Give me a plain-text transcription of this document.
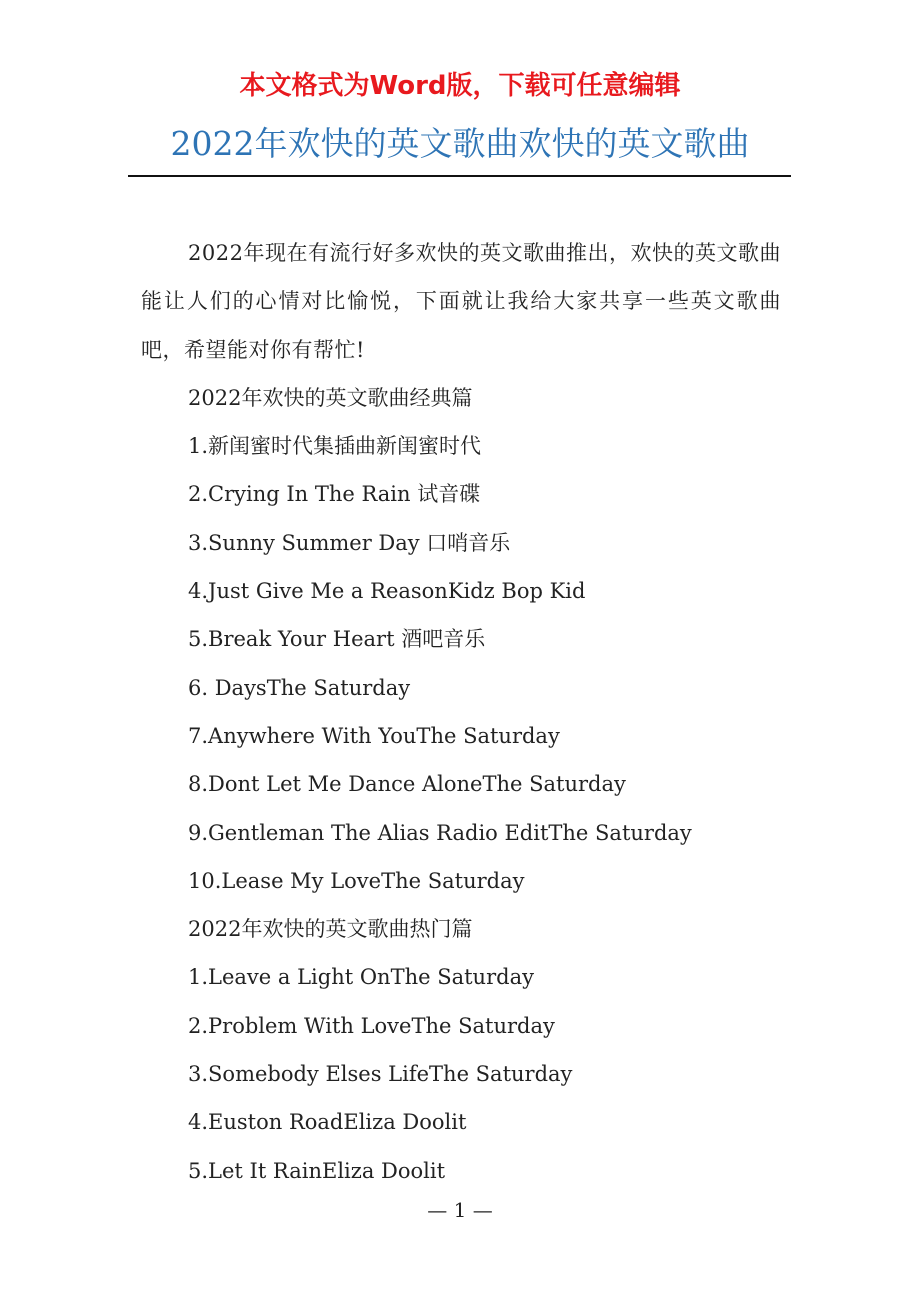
本文格式为Word版，下载可任意编辑
2022年欢快的英文歌曲欢快的英文歌曲

2022年现在有流行好多欢快的英文歌曲推出，欢快的英文歌曲能让人们的心情对比愉悦，下面就让我给大家共享一些英文歌曲吧，希望能对你有帮忙!

2022年欢快的英文歌曲经典篇
1.新闺蜜时代集插曲新闺蜜时代
2.Crying In The Rain 试音碟
3.Sunny Summer Day 口哨音乐
4.Just Give Me a ReasonKidz Bop Kid
5.Break Your Heart 酒吧音乐
6. DaysThe Saturday
7.Anywhere With YouThe Saturday
8.Dont Let Me Dance AloneThe Saturday
9.Gentleman The Alias Radio EditThe Saturday
10.Lease My LoveThe Saturday
2022年欢快的英文歌曲热门篇
1.Leave a Light OnThe Saturday
2.Problem With LoveThe Saturday
3.Somebody Elses LifeThe Saturday
4.Euston RoadEliza Doolit
5.Let It RainEliza Doolit
— 1 —
